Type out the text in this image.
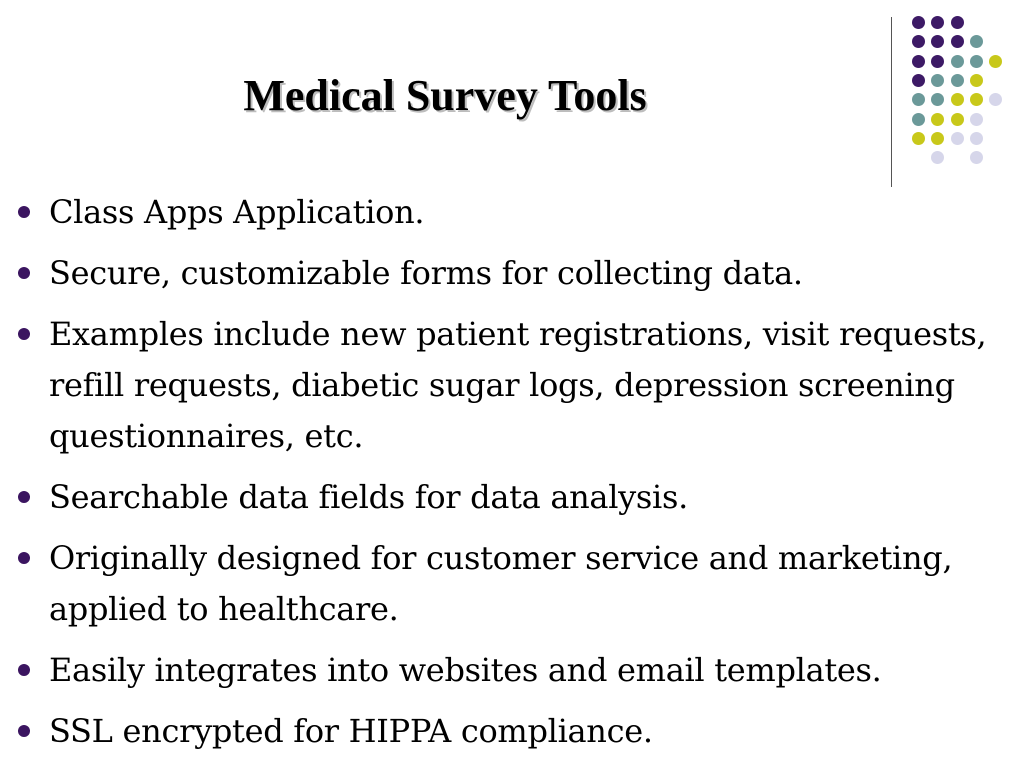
Medical Survey Tools
Class Apps Application.
Secure, customizable forms for collecting data.
Examples include new patient registrations, visit requests, refill requests, diabetic sugar logs, depression screening questionnaires, etc.
Searchable data fields for data analysis.
Originally designed for customer service and marketing, applied to healthcare.
Easily integrates into websites and email templates.
SSL encrypted for HIPPA compliance.
